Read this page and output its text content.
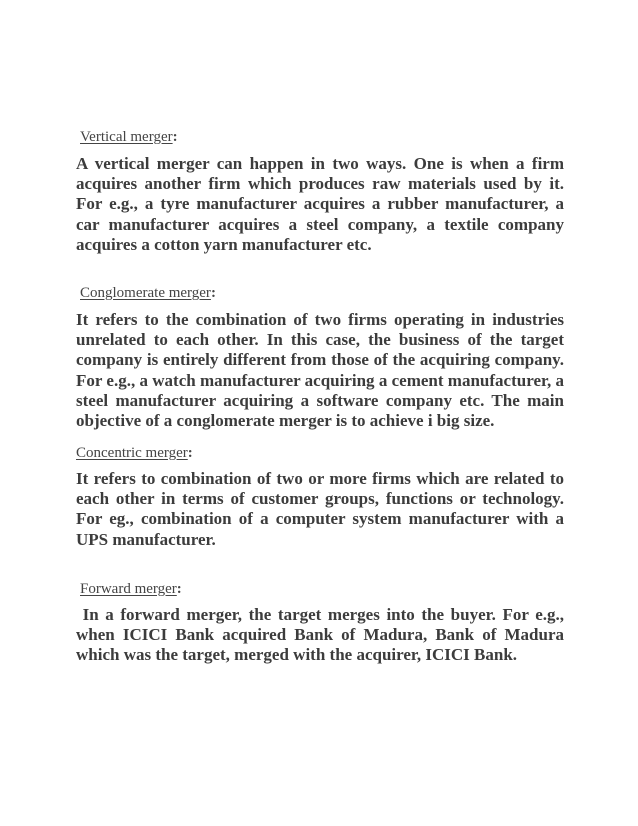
Vertical merger:

A vertical merger can happen in two ways. One is when a firm acquires another firm which produces raw materials used by it. For e.g., a tyre manufacturer acquires a rubber manufacturer, a car manufacturer acquires a steel company, a textile company acquires a cotton yarn manufacturer etc.

Conglomerate merger:

It refers to the combination of two firms operating in industries unrelated to each other. In this case, the business of the target company is entirely different from those of the acquiring company. For e.g., a watch manufacturer acquiring a cement manufacturer, a steel manufacturer acquiring a software company etc. The main objective of a conglomerate merger is to achieve i big size.

Concentric merger:

It refers to combination of two or more firms which are related to each other in terms of customer groups, functions or technology. For eg., combination of a computer system manufacturer with a UPS manufacturer.

Forward merger:

In a forward merger, the target merges into the buyer. For e.g., when ICICI Bank acquired Bank of Madura, Bank of Madura which was the target, merged with the acquirer, ICICI Bank.
